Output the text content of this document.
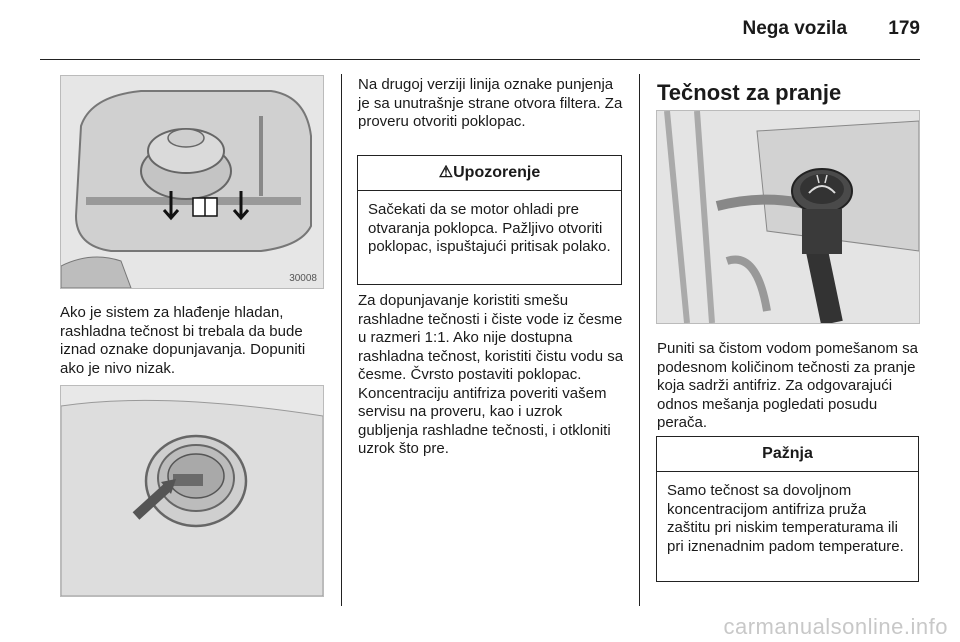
Nega vozila 179
30008

Ako je sistem za hlađenje hladan, rashladna tečnost bi trebala da bude iznad oznake dopunjavanja. Dopuniti ako je nivo nizak.

Na drugoj verziji linija oznake punjenja je sa unutrašnje strane otvora filtera. Za proveru otvoriti poklopac.

⚠Upozorenje
Sačekati da se motor ohladi pre otvaranja poklopca. Pažljivo otvoriti poklopac, ispuštajući pritisak polako.

Za dopunjavanje koristiti smešu rashladne tečnosti i čiste vode iz česme u razmeri 1:1. Ako nije dostupna rashladna tečnost, koristiti čistu vodu sa česme. Čvrsto postaviti poklopac. Koncentraciju antifriza poveriti vašem servisu na proveru, kao i uzrok gubljenja rashladne tečnosti, i otkloniti uzrok što pre.

Tečnost za pranje

Puniti sa čistom vodom pomešanom sa podesnom količinom tečnosti za pranje koja sadrži antifriz. Za odgovarajući odnos mešanja pogledati posudu perača.

Pažnja
Samo tečnost sa dovoljnom koncentracijom antifriza pruža zaštitu pri niskim temperaturama ili pri iznenadnim padom temperature.
carmanualsonline.info
